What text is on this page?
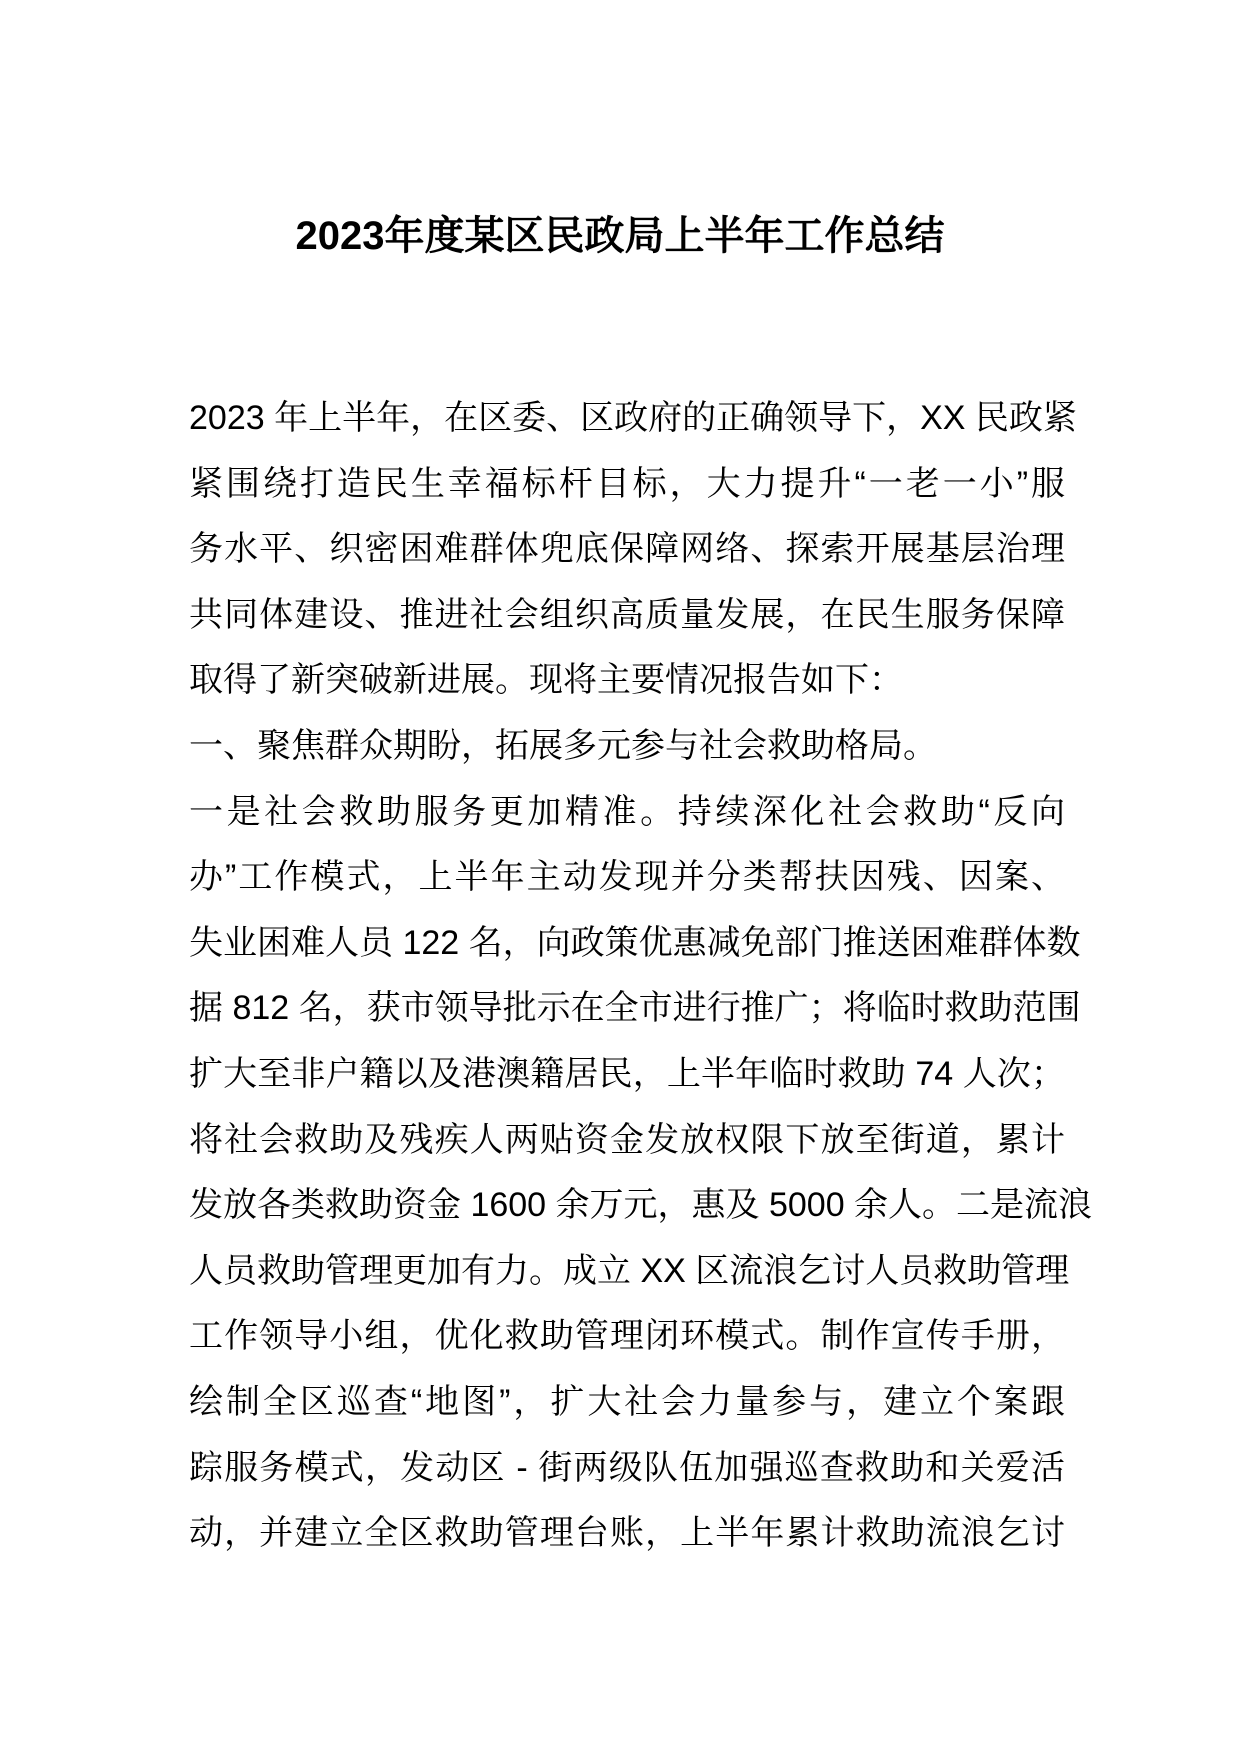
2023年度某区民政局上半年工作总结
2023 年上半年，在区委、区政府的正确领导下，XX 民政紧
紧围绕打造民生幸福标杆目标，大力提升“一老一小”服
务水平、织密困难群体兜底保障网络、探索开展基层治理
共同体建设、推进社会组织高质量发展，在民生服务保障
取得了新突破新进展。现将主要情况报告如下：
一、聚焦群众期盼，拓展多元参与社会救助格局。
一是社会救助服务更加精准。持续深化社会救助“反向
办”工作模式，上半年主动发现并分类帮扶因残、因案、
失业困难人员 122 名，向政策优惠减免部门推送困难群体数
据 812 名，获市领导批示在全市进行推广；将临时救助范围
扩大至非户籍以及港澳籍居民，上半年临时救助 74 人次；
将社会救助及残疾人两贴资金发放权限下放至街道，累计
发放各类救助资金 1600 余万元，惠及 5000 余人。二是流浪
人员救助管理更加有力。成立 XX 区流浪乞讨人员救助管理
工作领导小组，优化救助管理闭环模式。制作宣传手册，
绘制全区巡查“地图”，扩大社会力量参与，建立个案跟
踪服务模式，发动区 - 街两级队伍加强巡查救助和关爱活
动，并建立全区救助管理台账，上半年累计救助流浪乞讨
